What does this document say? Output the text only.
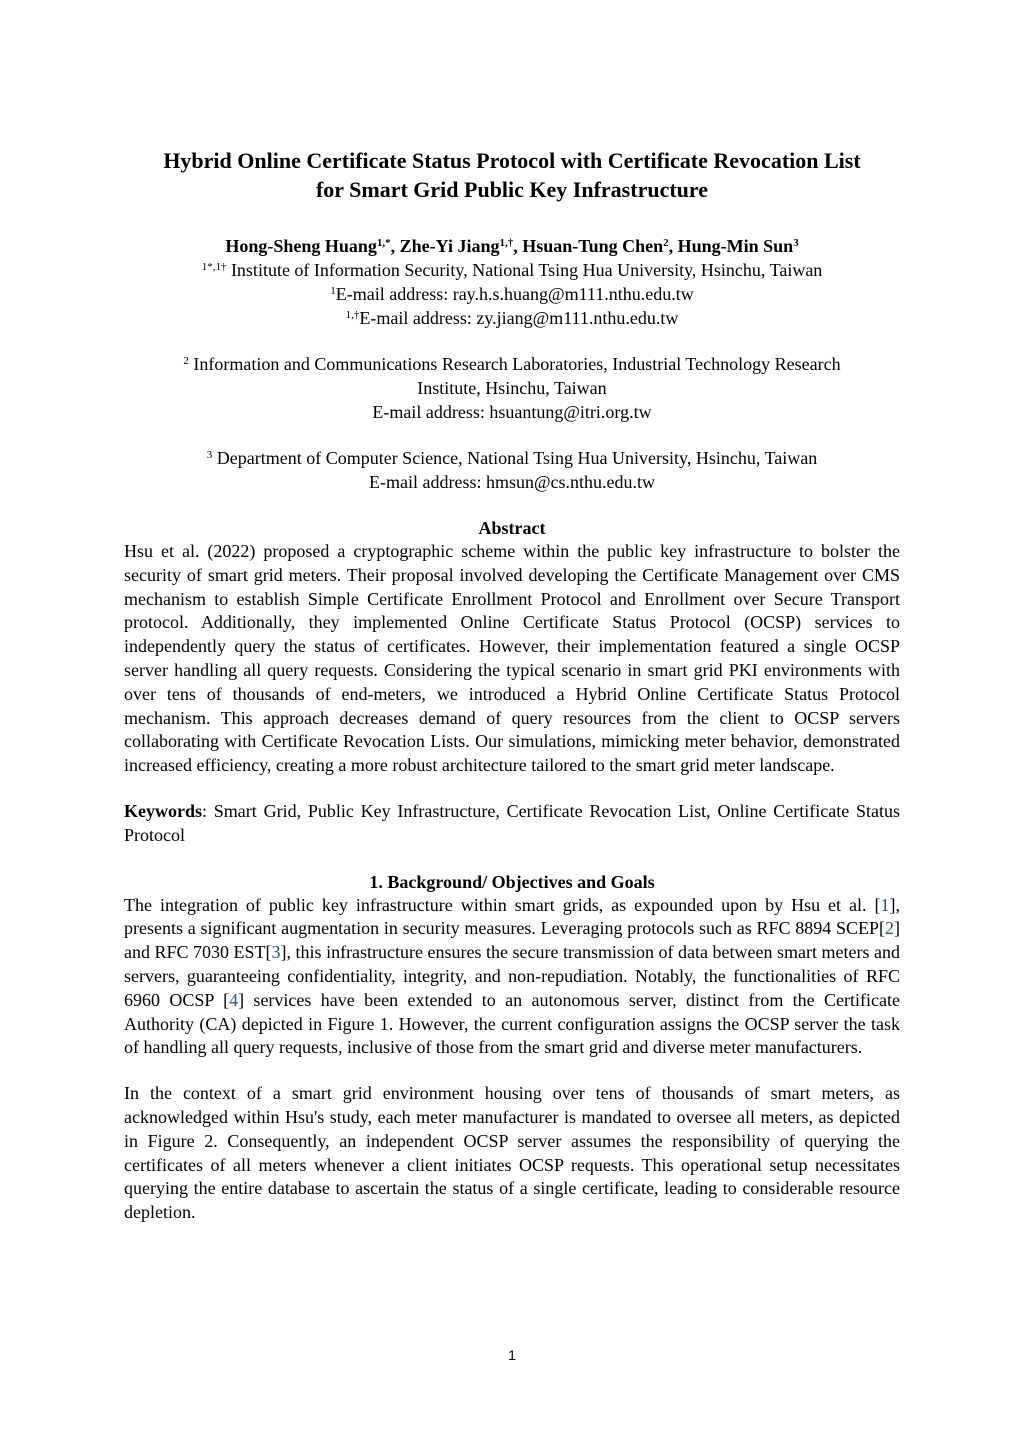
Hybrid Online Certificate Status Protocol with Certificate Revocation List
for Smart Grid Public Key Infrastructure
Hong-Sheng Huang$^{1,*}$, Zhe-Yi Jiang$^{1,\dagger}$, Hsuan-Tung Chen$^2$, Hung-Min Sun$^3$
$^{1*,1\dagger}$ Institute of Information Security, National Tsing Hua University, Hsinchu, Taiwan
$^1$E-mail address: ray.h.s.huang@m111.nthu.edu.tw
$^{1,\dagger}$E-mail address: zy.jiang@m111.nthu.edu.tw
$^2$ Information and Communications Research Laboratories, Industrial Technology Research
Institute, Hsinchu, Taiwan
E-mail address: hsuantung@itri.org.tw
$^3$ Department of Computer Science, National Tsing Hua University, Hsinchu, Taiwan
E-mail address: hmsun@cs.nthu.edu.tw
Abstract

Hsu et al. (2022) proposed a cryptographic scheme within the public key infrastructure to bolster the security of smart grid meters. Their proposal involved developing the Certificate Management over CMS mechanism to establish Simple Certificate Enrollment Protocol and Enrollment over Secure Transport protocol. Additionally, they implemented Online Certificate Status Protocol (OCSP) services to independently query the status of certificates. However, their implementation featured a single OCSP server handling all query requests. Considering the typical scenario in smart grid PKI environments with over tens of thousands of end-meters, we introduced a Hybrid Online Certificate Status Protocol mechanism. This approach decreases demand of query resources from the client to OCSP servers collaborating with Certificate Revocation Lists. Our simulations, mimicking meter behavior, demonstrated increased efficiency, creating a more robust architecture tailored to the smart grid meter landscape.

Keywords: Smart Grid, Public Key Infrastructure, Certificate Revocation List, Online Certificate Status Protocol

1. Background/ Objectives and Goals

The integration of public key infrastructure within smart grids, as expounded upon by Hsu et al. [1], presents a significant augmentation in security measures. Leveraging protocols such as RFC 8894 SCEP[2] and RFC 7030 EST[3], this infrastructure ensures the secure transmission of data between smart meters and servers, guaranteeing confidentiality, integrity, and non-repudiation. Notably, the functionalities of RFC 6960 OCSP [4] services have been extended to an autonomous server, distinct from the Certificate Authority (CA) depicted in Figure 1. However, the current configuration assigns the OCSP server the task of handling all query requests, inclusive of those from the smart grid and diverse meter manufacturers.

In the context of a smart grid environment housing over tens of thousands of smart meters, as acknowledged within Hsu's study, each meter manufacturer is mandated to oversee all meters, as depicted in Figure 2. Consequently, an independent OCSP server assumes the responsibility of querying the certificates of all meters whenever a client initiates OCSP requests. This operational setup necessitates querying the entire database to ascertain the status of a single certificate, leading to considerable resource depletion.

1
